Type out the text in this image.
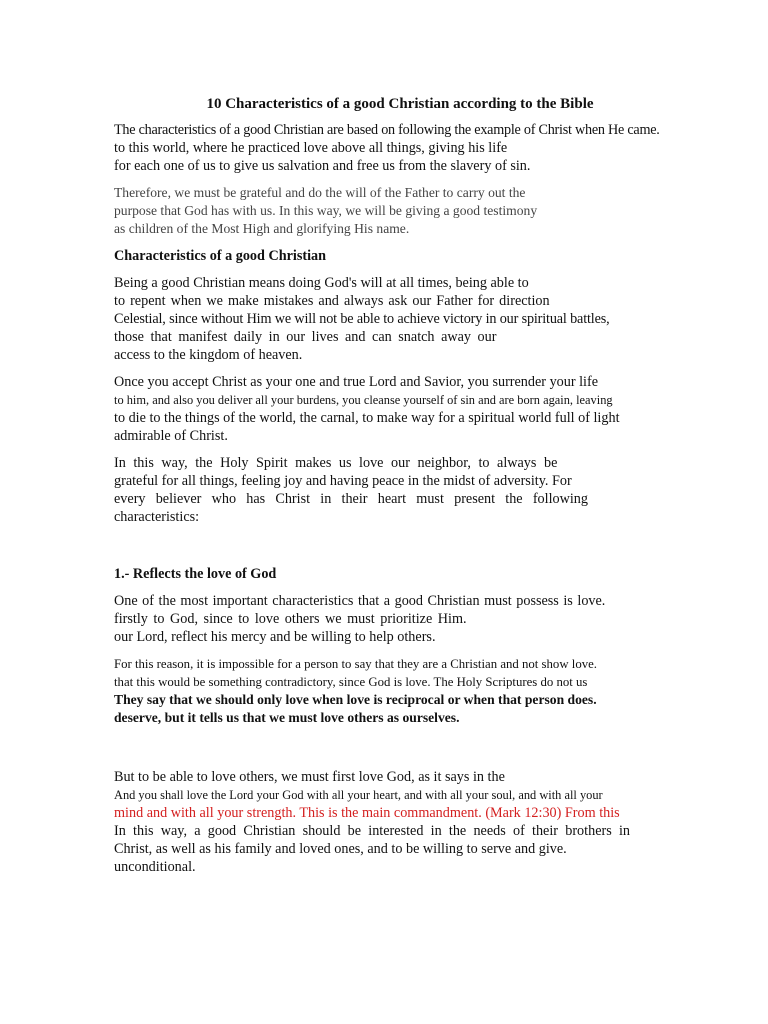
10 Characteristics of a good Christian according to the Bible
The characteristics of a good Christian are based on following the example of Christ when He came.
to this world, where he practiced love above all things, giving his life
for each one of us to give us salvation and free us from the slavery of sin.
Therefore, we must be grateful and do the will of the Father to carry out the
purpose that God has with us. In this way, we will be giving a good testimony
as children of the Most High and glorifying His name.
Characteristics of a good Christian
Being a good Christian means doing God's will at all times, being able to
to repent when we make mistakes and always ask our Father for direction
Celestial, since without Him we will not be able to achieve victory in our spiritual battles,
those that manifest daily in our lives and can snatch away our
access to the kingdom of heaven.
Once you accept Christ as your one and true Lord and Savior, you surrender your life
to him, and also you deliver all your burdens, you cleanse yourself of sin and are born again, leaving
to die to the things of the world, the carnal, to make way for a spiritual world full of light
admirable of Christ.
In this way, the Holy Spirit makes us love our neighbor, to always be
grateful for all things, feeling joy and having peace in the midst of adversity. For
every believer who has Christ in their heart must present the following
characteristics:
1.- Reflects the love of God
One of the most important characteristics that a good Christian must possess is love.
firstly to God, since to love others we must prioritize Him.
our Lord, reflect his mercy and be willing to help others.
For this reason, it is impossible for a person to say that they are a Christian and not show love.
that this would be something contradictory, since God is love. The Holy Scriptures do not us
They say that we should only love when love is reciprocal or when that person does.
deserve, but it tells us that we must love others as ourselves.
But to be able to love others, we must first love God, as it says in the
And you shall love the Lord your God with all your heart, and with all your soul, and with all your
mind and with all your strength. This is the main commandment. (Mark 12:30) From this
In this way, a good Christian should be interested in the needs of their brothers in
Christ, as well as his family and loved ones, and to be willing to serve and give.
unconditional.
